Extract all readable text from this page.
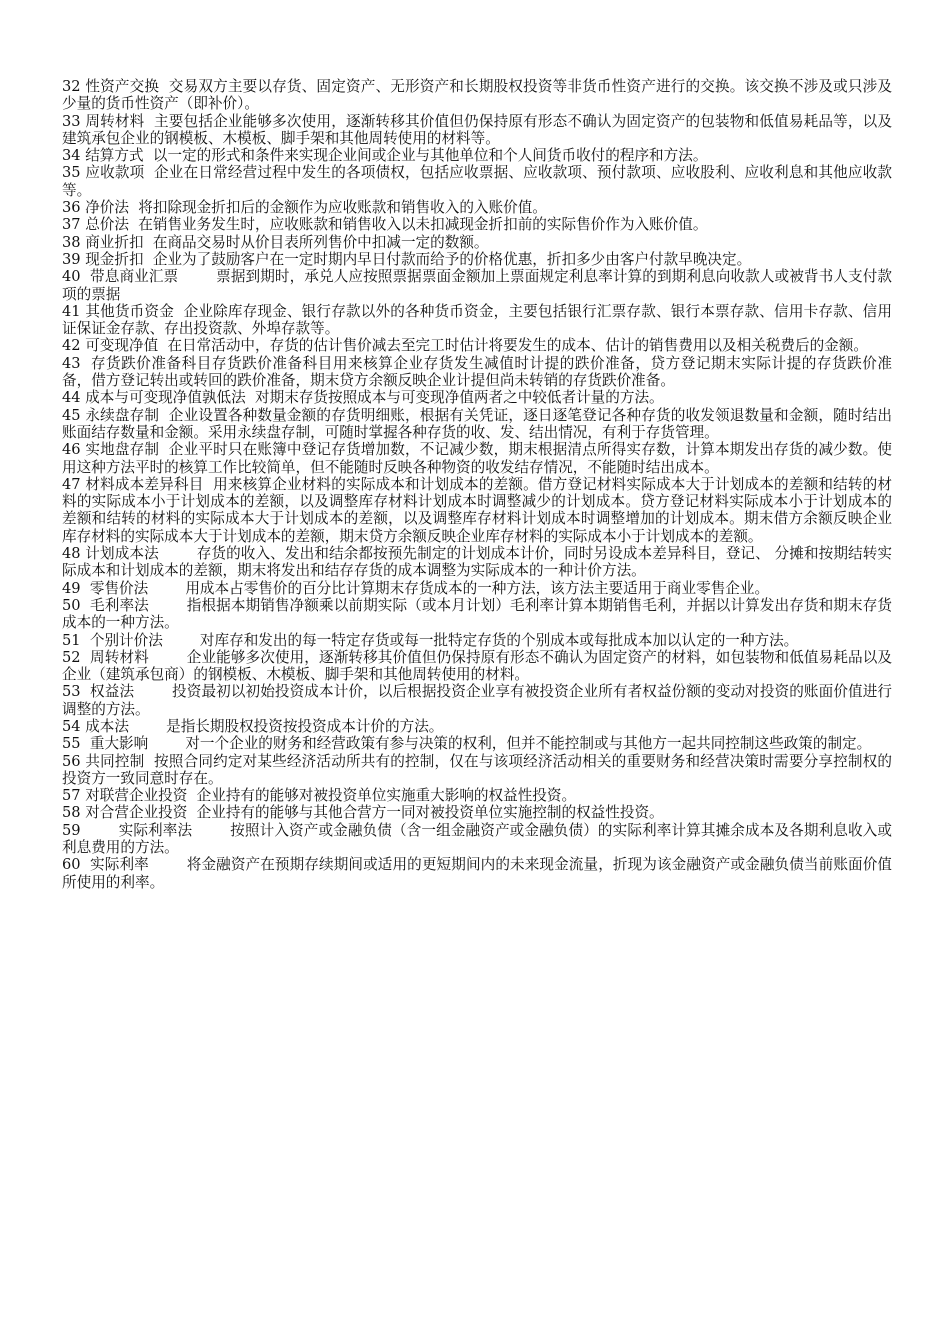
32 性资产交换  交易双方主要以存货、固定资产、无形资产和长期股权投资等非货币性资产进行的交换。该交换不涉及或只涉及少量的货币性资产（即补价）。

33 周转材料  主要包括企业能够多次使用，逐渐转移其价值但仍保持原有形态不确认为固定资产的包装物和低值易耗品等，以及建筑承包企业的钢模板、木模板、脚手架和其他周转使用的材料等。

34 结算方式  以一定的形式和条件来实现企业间或企业与其他单位和个人间货币收付的程序和方法。

35 应收款项  企业在日常经营过程中发生的各项债权，包括应收票据、应收款项、预付款项、应收股利、应收利息和其他应收款等。

36 净价法  将扣除现金折扣后的金额作为应收账款和销售收入的入账价值。

37 总价法  在销售业务发生时，应收账款和销售收入以未扣减现金折扣前的实际售价作为入账价值。

38 商业折扣  在商品交易时从价目表所列售价中扣减一定的数额。

39 现金折扣  企业为了鼓励客户在一定时期内早日付款而给予的价格优惠，折扣多少由客户付款早晚决定。

40  带息商业汇票        票据到期时，承兑人应按照票据票面金额加上票面规定利息率计算的到期利息向收款人或被背书人支付款项的票据

41 其他货币资金  企业除库存现金、银行存款以外的各种货币资金，主要包括银行汇票存款、银行本票存款、信用卡存款、信用证保证金存款、存出投资款、外埠存款等。

42 可变现净值  在日常活动中，存货的估计售价减去至完工时估计将要发生的成本、估计的销售费用以及相关税费后的金额。

43  存货跌价准备科目存货跌价准备科目用来核算企业存货发生减值时计提的跌价准备，贷方登记期末实际计提的存货跌价准备，借方登记转出或转回的跌价准备，期末贷方余额反映企业计提但尚未转销的存货跌价准备。

44 成本与可变现净值孰低法  对期末存货按照成本与可变现净值两者之中较低者计量的方法。

45 永续盘存制  企业设置各种数量金额的存货明细账，根据有关凭证，逐日逐笔登记各种存货的收发领退数量和金额，随时结出账面结存数量和金额。采用永续盘存制，可随时掌握各种存货的收、发、结出情况，有利于存货管理。

46 实地盘存制  企业平时只在账簿中登记存货增加数，不记减少数，期末根据清点所得实存数，计算本期发出存货的减少数。使用这种方法平时的核算工作比较简单，但不能随时反映各种物资的收发结存情况，不能随时结出成本。

47 材料成本差异科目  用来核算企业材料的实际成本和计划成本的差额。借方登记材料实际成本大于计划成本的差额和结转的材料的实际成本小于计划成本的差额，以及调整库存材料计划成本时调整减少的计划成本。贷方登记材料实际成本小于计划成本的差额和结转的材料的实际成本大于计划成本的差额，以及调整库存材料计划成本时调整增加的计划成本。期末借方余额反映企业库存材料的实际成本大于计划成本的差额，期末贷方余额反映企业库存材料的实际成本小于计划成本的差额。

48 计划成本法        存货的收入、发出和结余都按预先制定的计划成本计价，同时另设成本差异科目，登记、 分摊和按期结转实际成本和计划成本的差额，期末将发出和结存存货的成本调整为实际成本的一种计价方法。

49  零售价法        用成本占零售价的百分比计算期末存货成本的一种方法，该方法主要适用于商业零售企业。

50  毛利率法        指根据本期销售净额乘以前期实际（或本月计划）毛利率计算本期销售毛利，并据以计算发出存货和期末存货成本的一种方法。

51  个别计价法        对库存和发出的每一特定存货或每一批特定存货的个别成本或每批成本加以认定的一种方法。

52  周转材料        企业能够多次使用，逐渐转移其价值但仍保持原有形态不确认为固定资产的材料，如包装物和低值易耗品以及企业（建筑承包商）的钢模板、木模板、脚手架和其他周转使用的材料。

53  权益法        投资最初以初始投资成本计价，以后根据投资企业享有被投资企业所有者权益份额的变动对投资的账面价值进行调整的方法。

54 成本法        是指长期股权投资按投资成本计价的方法。

55  重大影响        对一个企业的财务和经营政策有参与决策的权利，但并不能控制或与其他方一起共同控制这些政策的制定。

56 共同控制  按照合同约定对某些经济活动所共有的控制，仅在与该项经济活动相关的重要财务和经营决策时需要分享控制权的投资方一致同意时存在。

57 对联营企业投资  企业持有的能够对被投资单位实施重大影响的权益性投资。

58 对合营企业投资  企业持有的能够与其他合营方一同对被投资单位实施控制的权益性投资。

59        实际利率法        按照计入资产或金融负债（含一组金融资产或金融负债）的实际利率计算其摊余成本及各期利息收入或利息费用的方法。

60  实际利率        将金融资产在预期存续期间或适用的更短期间内的未来现金流量，折现为该金融资产或金融负债当前账面价值所使用的利率。
